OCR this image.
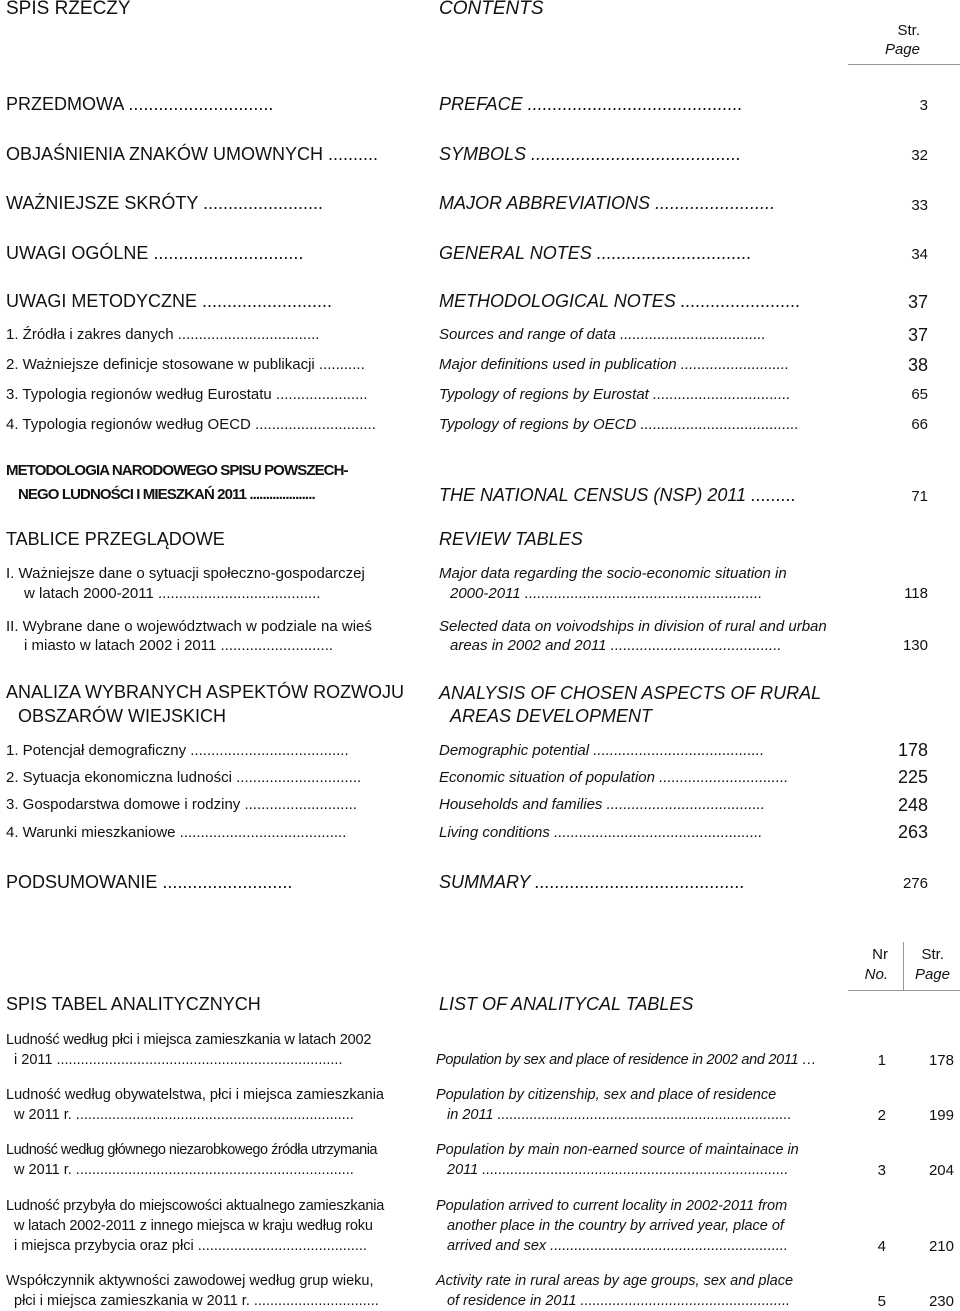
SPIS RZECZY	CONTENTS
Str.
Page
PRZEDMOWA .............................	PREFACE ...........................................	3
OBJAŚNIENIA ZNAKÓW UMOWNYCH ..........	SYMBOLS ..........................................	32
WAŻNIEJSZE SKRÓTY ........................	MAJOR ABBREVIATIONS ........................	33
UWAGI OGÓLNE ..............................	GENERAL NOTES ...............................	34
UWAGI METODYCZNE ..........................	METHODOLOGICAL NOTES ........................	37
1. Źródła i zakres danych ..................................	Sources and range of data ...................................	37
2. Ważniejsze definicje stosowane w publikacji ...........	Major definitions used in publication ..........................	38
3. Typologia regionów według Eurostatu ......................	Typology of regions by Eurostat .................................	65
4. Typologia regionów według OECD .............................	Typology of regions by OECD ......................................	66
METODOLOGIA NARODOWEGO SPISU POWSZECH-
NEGO LUDNOŚCI I MIESZKAŃ 2011 ....................	THE NATIONAL CENSUS (NSP) 2011 .........	71
TABLICE PRZEGLĄDOWE	REVIEW TABLES
I. Ważniejsze dane o sytuacji społeczno-gospodarczej
w latach 2000-2011 .......................................
Major data regarding the socio-economic situation in
2000-2011 .........................................................	118
II. Wybrane dane o województwach w podziale na wieś
i miasto w latach 2002 i 2011 ...........................
Selected data on voivodships in division of rural and urban
areas in 2002 and 2011 .........................................	130
ANALIZA WYBRANYCH ASPEKTÓW ROZWOJU
OBSZARÓW WIEJSKICH
ANALYSIS OF CHOSEN ASPECTS OF RURAL
AREAS DEVELOPMENT
1. Potencjał demograficzny ......................................	Demographic potential .........................................	178
2. Sytuacja ekonomiczna ludności ..............................	Economic situation of population ...............................	225
3. Gospodarstwa domowe i rodziny ...........................	Households and families ......................................	248
4. Warunki mieszkaniowe ........................................	Living conditions ..................................................	263
PODSUMOWANIE ..........................	SUMMARY ..........................................	276
Nr
No.
Str.
Page
SPIS TABEL ANALITYCZNYCH	LIST OF ANALITYCAL TABLES
Ludność według płci i miejsca zamieszkania w latach 2002
i 2011 .......................................................................	Population by sex and place of residence in 2002 and 2011 …	1	178
Ludność według obywatelstwa, płci i miejsca zamieszkania
w 2011 r. .....................................................................
Population by citizenship, sex and place of residence
in 2011 .........................................................................	2	199
Ludność według głównego niezarobkowego źródła utrzymania
w 2011 r. .....................................................................
Population by main non-earned source of maintainace in
2011 ............................................................................	3	204
Ludność przybyła do miejscowości aktualnego zamieszkania
w latach 2002-2011 z innego miejsca w kraju według roku
i miejsca przybycia oraz płci ..........................................
Population arrived to current locality in 2002-2011 from
another place in the country by arrived year, place of
arrived and sex ...........................................................	4	210
Współczynnik aktywności zawodowej według grup wieku,
płci i miejsca zamieszkania w 2011 r. ...............................
Activity rate in rural areas by age groups, sex and place
of residence in 2011 ....................................................	5	230
